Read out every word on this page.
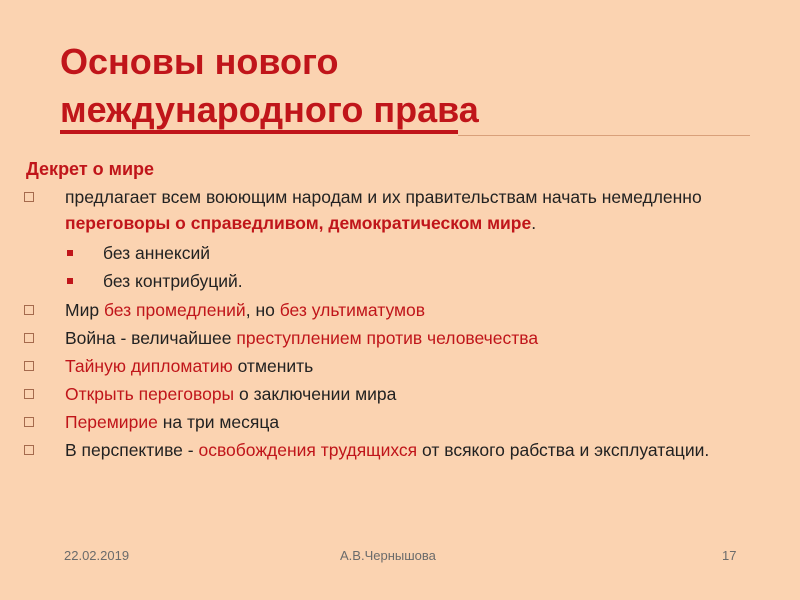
Основы нового
международного права
Декрет о мире
предлагает всем воюющим народам и их правительствам начать немедленно переговоры о справедливом, демократическом мире.
без аннексий
без контрибуций.
Мир без промедлений, но без ультиматумов
Война - величайшее преступлением против человечества
Тайную дипломатию отменить
Открыть переговоры о заключении мира
Перемирие на три месяца
В перспективе - освобождения трудящихся от всякого рабства и эксплуатации.
22.02.2019	А.В.Чернышова	17
